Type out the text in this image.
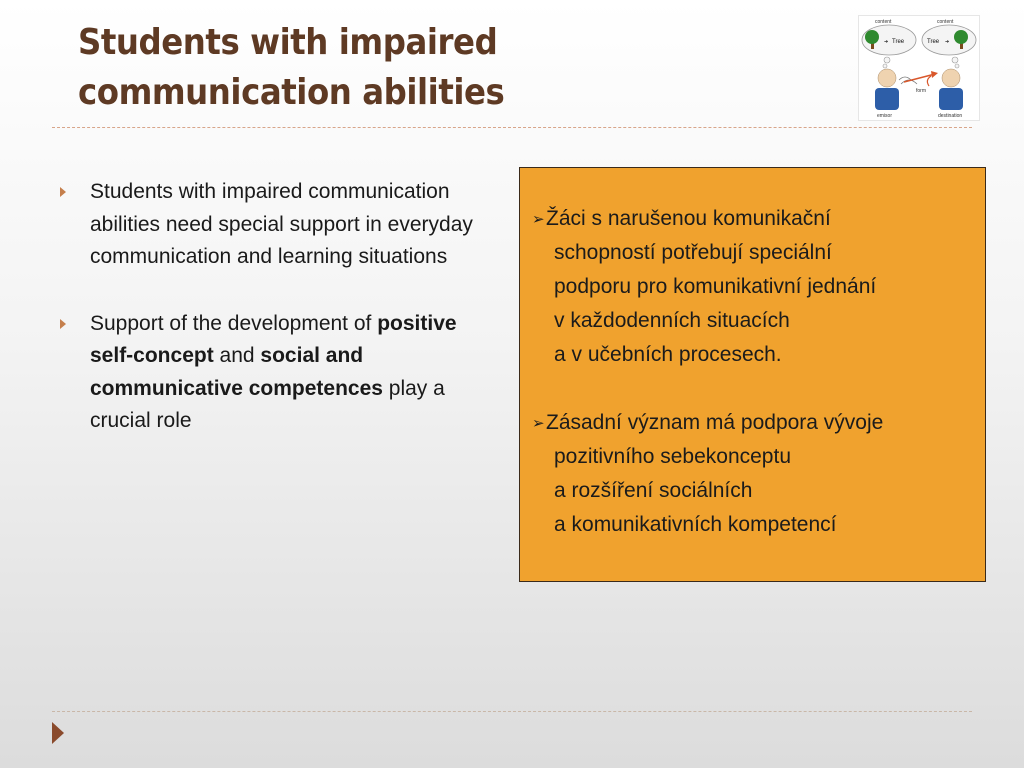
Students with impaired communication abilities
content
➜ Tree
content
Tree ➜
form
emisor	destination
Students with impaired communication abilities need special support in everyday communication and learning situations
Support of the development of positive self-concept and social and communicative competences play a crucial role
➢ Žáci s narušenou komunikační
schopností potřebují speciální
podporu pro komunikativní jednání
v každodenních situacích
a v učebních procesech.
➢ Zásadní význam má podpora vývoje
pozitivního sebekonceptu
a rozšíření sociálních
a komunikativních kompetencí
